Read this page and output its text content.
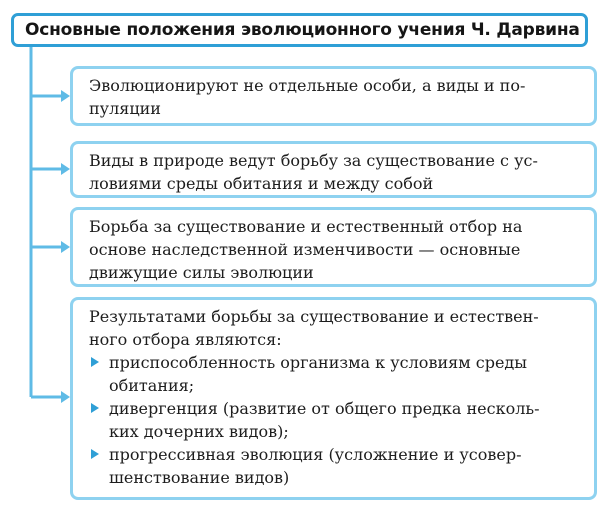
Основные положения эволюционного учения Ч. Дарвина
Эволюционируют не отдельные особи, а виды и по-
пуляции
Виды в природе ведут борьбу за существование с ус-
ловиями среды обитания и между собой
Борьба за существование и естественный отбор на
основе наследственной изменчивости — основные
движущие силы эволюции
Результатами борьбы за существование и естествен-
ного отбора являются:
приспособленность организма к условиям среды
обитания;
дивергенция (развитие от общего предка несколь-
ких дочерних видов);
прогрессивная эволюция (усложнение и усовер-
шенствование видов)
